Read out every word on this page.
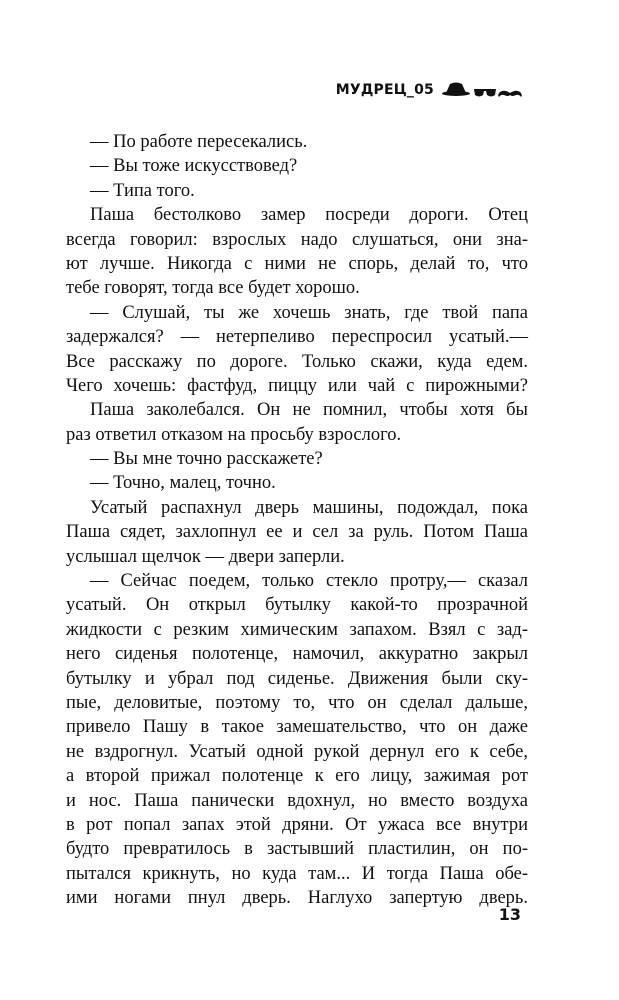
МУДРЕЦ_05
— По работе пересекались.
— Вы тоже искусствовед?
— Типа того.
Паша бестолково замер посреди дороги. Отец
всегда говорил: взрослых надо слушаться, они зна-
ют лучше. Никогда с ними не спорь, делай то, что
тебе говорят, тогда все будет хорошо.
— Слушай, ты же хочешь знать, где твой папа
задержался? — нетерпеливо переспросил усатый.—
Все расскажу по дороге. Только скажи, куда едем.
Чего хочешь: фастфуд, пиццу или чай с пирожными?
Паша заколебался. Он не помнил, чтобы хотя бы
раз ответил отказом на просьбу взрослого.
— Вы мне точно расскажете?
— Точно, малец, точно.
Усатый распахнул дверь машины, подождал, пока
Паша сядет, захлопнул ее и сел за руль. Потом Паша
услышал щелчок — двери заперли.
— Сейчас поедем, только стекло протру,— сказал
усатый. Он открыл бутылку какой-то прозрачной
жидкости с резким химическим запахом. Взял с зад-
него сиденья полотенце, намочил, аккуратно закрыл
бутылку и убрал под сиденье. Движения были ску-
пые, деловитые, поэтому то, что он сделал дальше,
привело Пашу в такое замешательство, что он даже
не вздрогнул. Усатый одной рукой дернул его к себе,
а второй прижал полотенце к его лицу, зажимая рот
и нос. Паша панически вдохнул, но вместо воздуха
в рот попал запах этой дряни. От ужаса все внутри
будто превратилось в застывший пластилин, он по-
пытался крикнуть, но куда там... И тогда Паша обе-
ими ногами пнул дверь. Наглухо запертую дверь.
13
